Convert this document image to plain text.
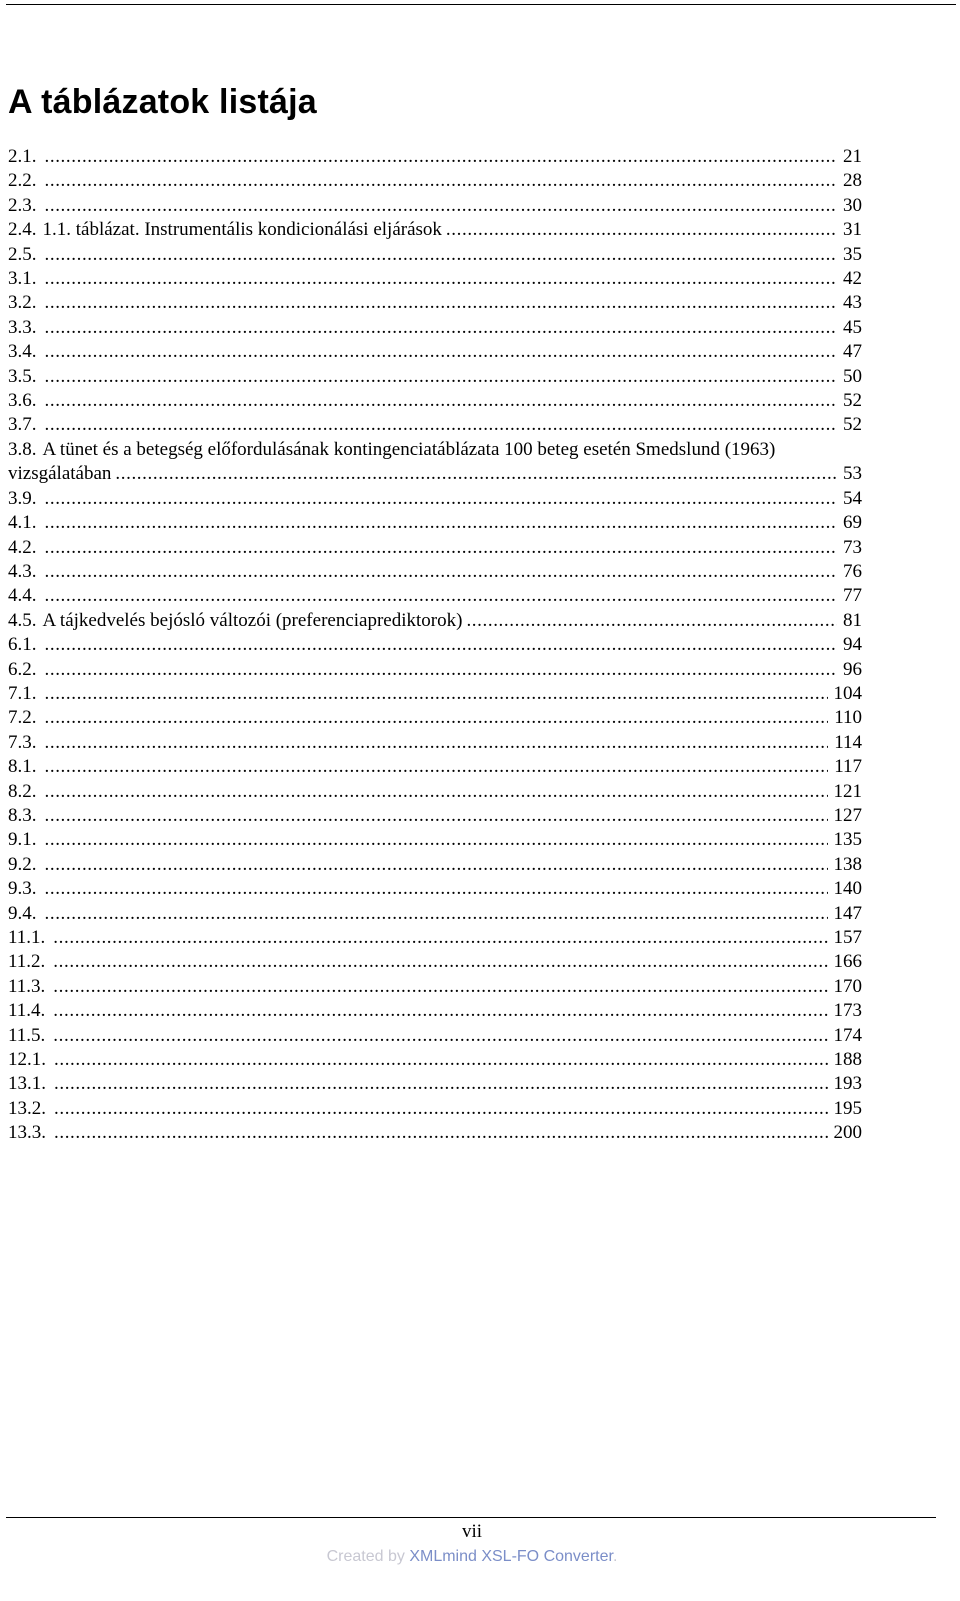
A táblázatok listája
2.1. .....	21
2.2. .....	28
2.3. .....	30
2.4. 1.1. táblázat. Instrumentális kondicionálási eljárások .....	31
2.5. .....	35
3.1. .....	42
3.2. .....	43
3.3. .....	45
3.4. .....	47
3.5. .....	50
3.6. .....	52
3.7. .....	52
3.8. A tünet és a betegség előfordulásának kontingenciatáblázata 100 beteg esetén Smedslund (1963)
vizsgálatában .....	53
3.9. .....	54
4.1. .....	69
4.2. .....	73
4.3. .....	76
4.4. .....	77
4.5. A tájkedvelés bejósló változói (preferenciaprediktorok) .....	81
6.1. .....	94
6.2. .....	96
7.1. .....	104
7.2. .....	110
7.3. .....	114
8.1. .....	117
8.2. .....	121
8.3. .....	127
9.1. .....	135
9.2. .....	138
9.3. .....	140
9.4. .....	147
11.1. .....	157
11.2. .....	166
11.3. .....	170
11.4. .....	173
11.5. .....	174
12.1. .....	188
13.1. .....	193
13.2. .....	195
13.3. .....	200
vii
Created by XMLmind XSL-FO Converter.
